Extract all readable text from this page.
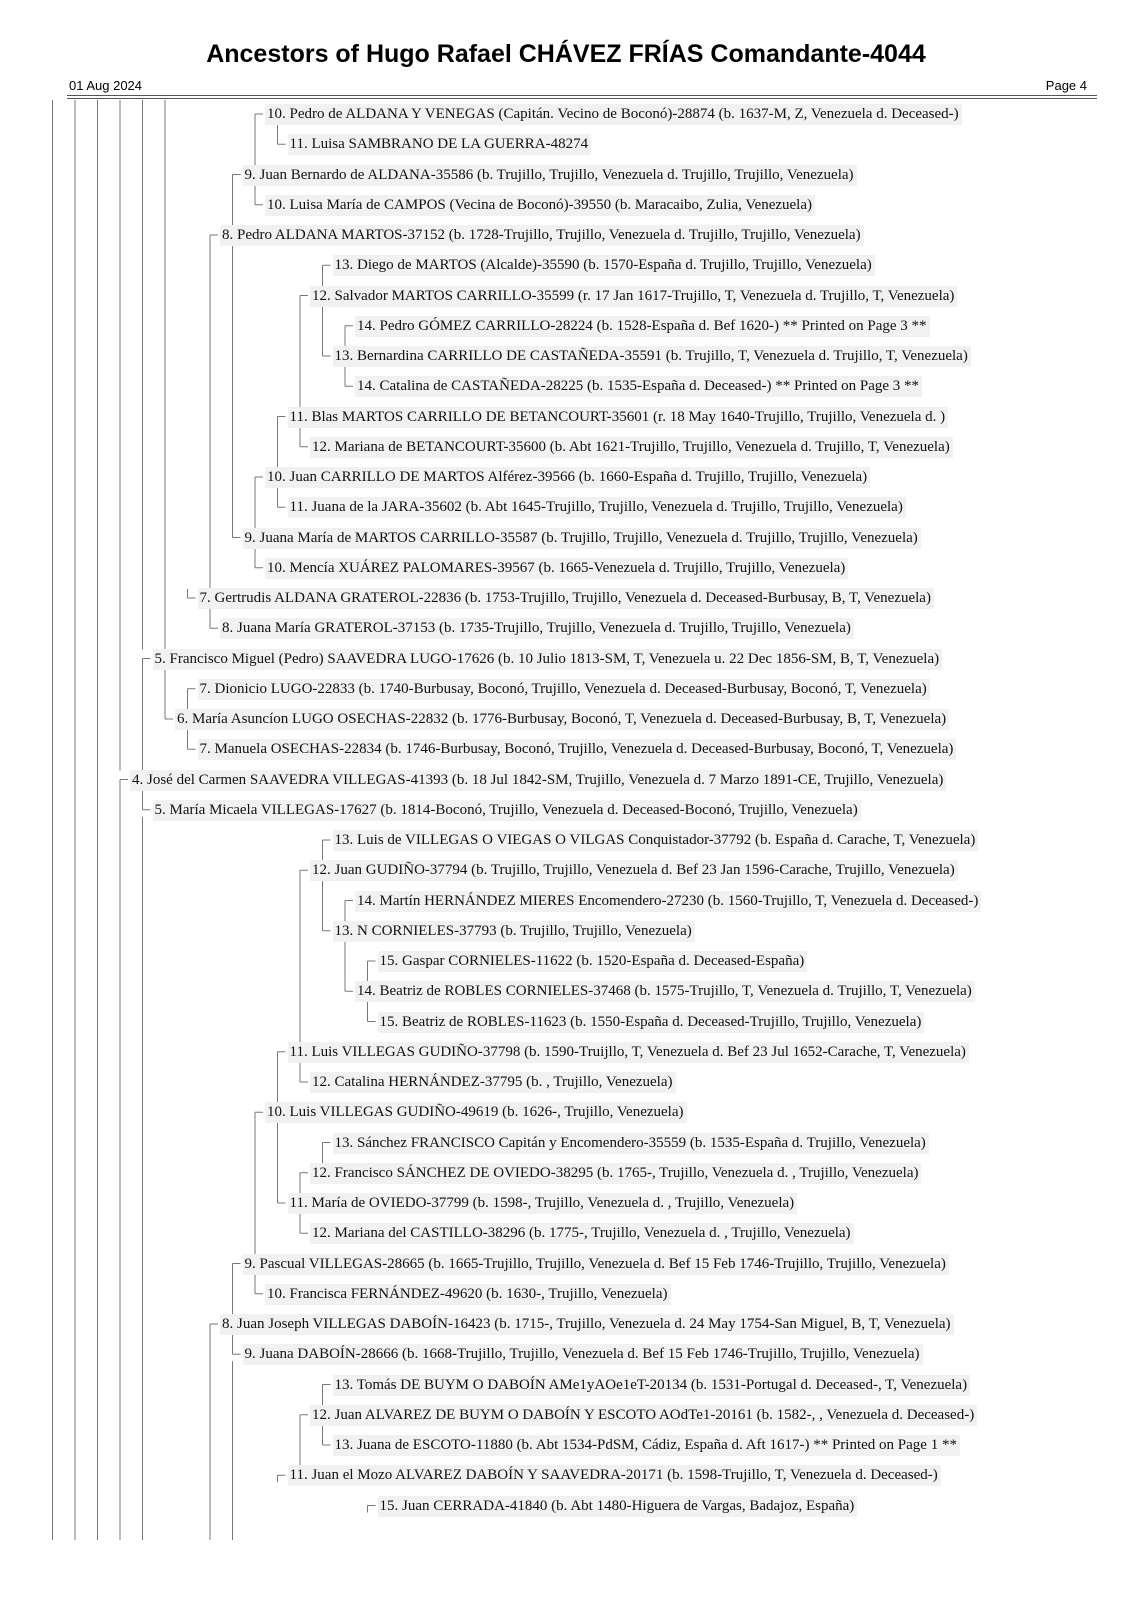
Ancestors of Hugo Rafael CHÁVEZ FRÍAS Comandante-4044
01 Aug 2024	Page 4
10. Pedro de ALDANA Y VENEGAS (Capitán. Vecino de Boconó)-28874 (b. 1637-M, Z, Venezuela d. Deceased-)
11. Luisa SAMBRANO DE LA GUERRA-48274
9. Juan Bernardo de ALDANA-35586 (b. Trujillo, Trujillo, Venezuela d. Trujillo, Trujillo, Venezuela)
10. Luisa María de CAMPOS (Vecina de Boconó)-39550 (b. Maracaibo, Zulia, Venezuela)
8. Pedro ALDANA MARTOS-37152 (b. 1728-Trujillo, Trujillo, Venezuela d. Trujillo, Trujillo, Venezuela)
13. Diego de MARTOS (Alcalde)-35590 (b. 1570-España d. Trujillo, Trujillo, Venezuela)
12. Salvador MARTOS CARRILLO-35599 (r. 17 Jan 1617-Trujillo, T, Venezuela d. Trujillo, T, Venezuela)
14. Pedro GÓMEZ CARRILLO-28224 (b. 1528-España d. Bef 1620-) ** Printed on Page 3 **
13. Bernardina CARRILLO DE CASTAÑEDA-35591 (b. Trujillo, T, Venezuela d. Trujillo, T, Venezuela)
14. Catalina de CASTAÑEDA-28225 (b. 1535-España d. Deceased-) ** Printed on Page 3 **
11. Blas MARTOS CARRILLO DE BETANCOURT-35601 (r. 18 May 1640-Trujillo, Trujillo, Venezuela d. )
12. Mariana de BETANCOURT-35600 (b. Abt 1621-Trujillo, Trujillo, Venezuela d. Trujillo, T, Venezuela)
10. Juan CARRILLO DE MARTOS Alférez-39566 (b. 1660-España d. Trujillo, Trujillo, Venezuela)
11. Juana de la JARA-35602 (b. Abt 1645-Trujillo, Trujillo, Venezuela d. Trujillo, Trujillo, Venezuela)
9. Juana María de MARTOS CARRILLO-35587 (b. Trujillo, Trujillo, Venezuela d. Trujillo, Trujillo, Venezuela)
10. Mencía XUÁREZ PALOMARES-39567 (b. 1665-Venezuela d. Trujillo, Trujillo, Venezuela)
7. Gertrudis ALDANA GRATEROL-22836 (b. 1753-Trujillo, Trujillo, Venezuela d. Deceased-Burbusay, B, T, Venezuela)
8. Juana María GRATEROL-37153 (b. 1735-Trujillo, Trujillo, Venezuela d. Trujillo, Trujillo, Venezuela)
5. Francisco Miguel (Pedro) SAAVEDRA LUGO-17626 (b. 10 Julio 1813-SM, T, Venezuela u. 22 Dec 1856-SM, B, T, Venezuela)
7. Dionicio LUGO-22833 (b. 1740-Burbusay, Boconó, Trujillo, Venezuela d. Deceased-Burbusay, Boconó, T, Venezuela)
6. María Asuncíon LUGO OSECHAS-22832 (b. 1776-Burbusay, Boconó, T, Venezuela d. Deceased-Burbusay, B, T, Venezuela)
7. Manuela OSECHAS-22834 (b. 1746-Burbusay, Boconó, Trujillo, Venezuela d. Deceased-Burbusay, Boconó, T, Venezuela)
4. José del Carmen SAAVEDRA VILLEGAS-41393 (b. 18 Jul 1842-SM, Trujillo, Venezuela d. 7 Marzo 1891-CE, Trujillo, Venezuela)
5. María Micaela VILLEGAS-17627 (b. 1814-Boconó, Trujillo, Venezuela d. Deceased-Boconó, Trujillo, Venezuela)
13. Luis de VILLEGAS O VIEGAS O VILGAS Conquistador-37792 (b. España d. Carache, T, Venezuela)
12. Juan GUDIÑO-37794 (b. Trujillo, Trujillo, Venezuela d. Bef 23 Jan 1596-Carache, Trujillo, Venezuela)
14. Martín HERNÁNDEZ MIERES Encomendero-27230 (b. 1560-Trujillo, T, Venezuela d. Deceased-)
13. N CORNIELES-37793 (b. Trujillo, Trujillo, Venezuela)
15. Gaspar CORNIELES-11622 (b. 1520-España d. Deceased-España)
14. Beatriz de ROBLES CORNIELES-37468 (b. 1575-Trujillo, T, Venezuela d. Trujillo, T, Venezuela)
15. Beatriz de ROBLES-11623 (b. 1550-España d. Deceased-Trujillo, Trujillo, Venezuela)
11. Luis VILLEGAS GUDIÑO-37798 (b. 1590-Truijllo, T, Venezuela d. Bef 23 Jul 1652-Carache, T, Venezuela)
12. Catalina HERNÁNDEZ-37795 (b. , Trujillo, Venezuela)
10. Luis VILLEGAS GUDIÑO-49619 (b. 1626-, Trujillo, Venezuela)
13. Sánchez FRANCISCO Capitán y Encomendero-35559 (b. 1535-España d. Trujillo, Venezuela)
12. Francisco SÁNCHEZ DE OVIEDO-38295 (b. 1765-, Trujillo, Venezuela d. , Trujillo, Venezuela)
11. María de OVIEDO-37799 (b. 1598-, Trujillo, Venezuela d. , Trujillo, Venezuela)
12. Mariana del CASTILLO-38296 (b. 1775-, Trujillo, Venezuela d. , Trujillo, Venezuela)
9. Pascual VILLEGAS-28665 (b. 1665-Trujillo, Trujillo, Venezuela d. Bef 15 Feb 1746-Trujillo, Trujillo, Venezuela)
10. Francisca FERNÁNDEZ-49620 (b. 1630-, Trujillo, Venezuela)
8. Juan Joseph VILLEGAS DABOÍN-16423 (b. 1715-, Trujillo, Venezuela d. 24 May 1754-San Miguel, B, T, Venezuela)
9. Juana DABOÍN-28666 (b. 1668-Trujillo, Trujillo, Venezuela d. Bef 15 Feb 1746-Trujillo, Trujillo, Venezuela)
13. Tomás DE BUYM O DABOÍN AMe1yAOe1eT-20134 (b. 1531-Portugal d. Deceased-, T, Venezuela)
12. Juan ALVAREZ DE BUYM O DABOÍN Y ESCOTO AOdTe1-20161 (b. 1582-, , Venezuela d. Deceased-)
13. Juana de ESCOTO-11880 (b. Abt 1534-PdSM, Cádiz, España d. Aft 1617-) ** Printed on Page 1 **
11. Juan el Mozo ALVAREZ DABOÍN Y SAAVEDRA-20171 (b. 1598-Trujillo, T, Venezuela d. Deceased-)
15. Juan CERRADA-41840 (b. Abt 1480-Higuera de Vargas, Badajoz, España)
